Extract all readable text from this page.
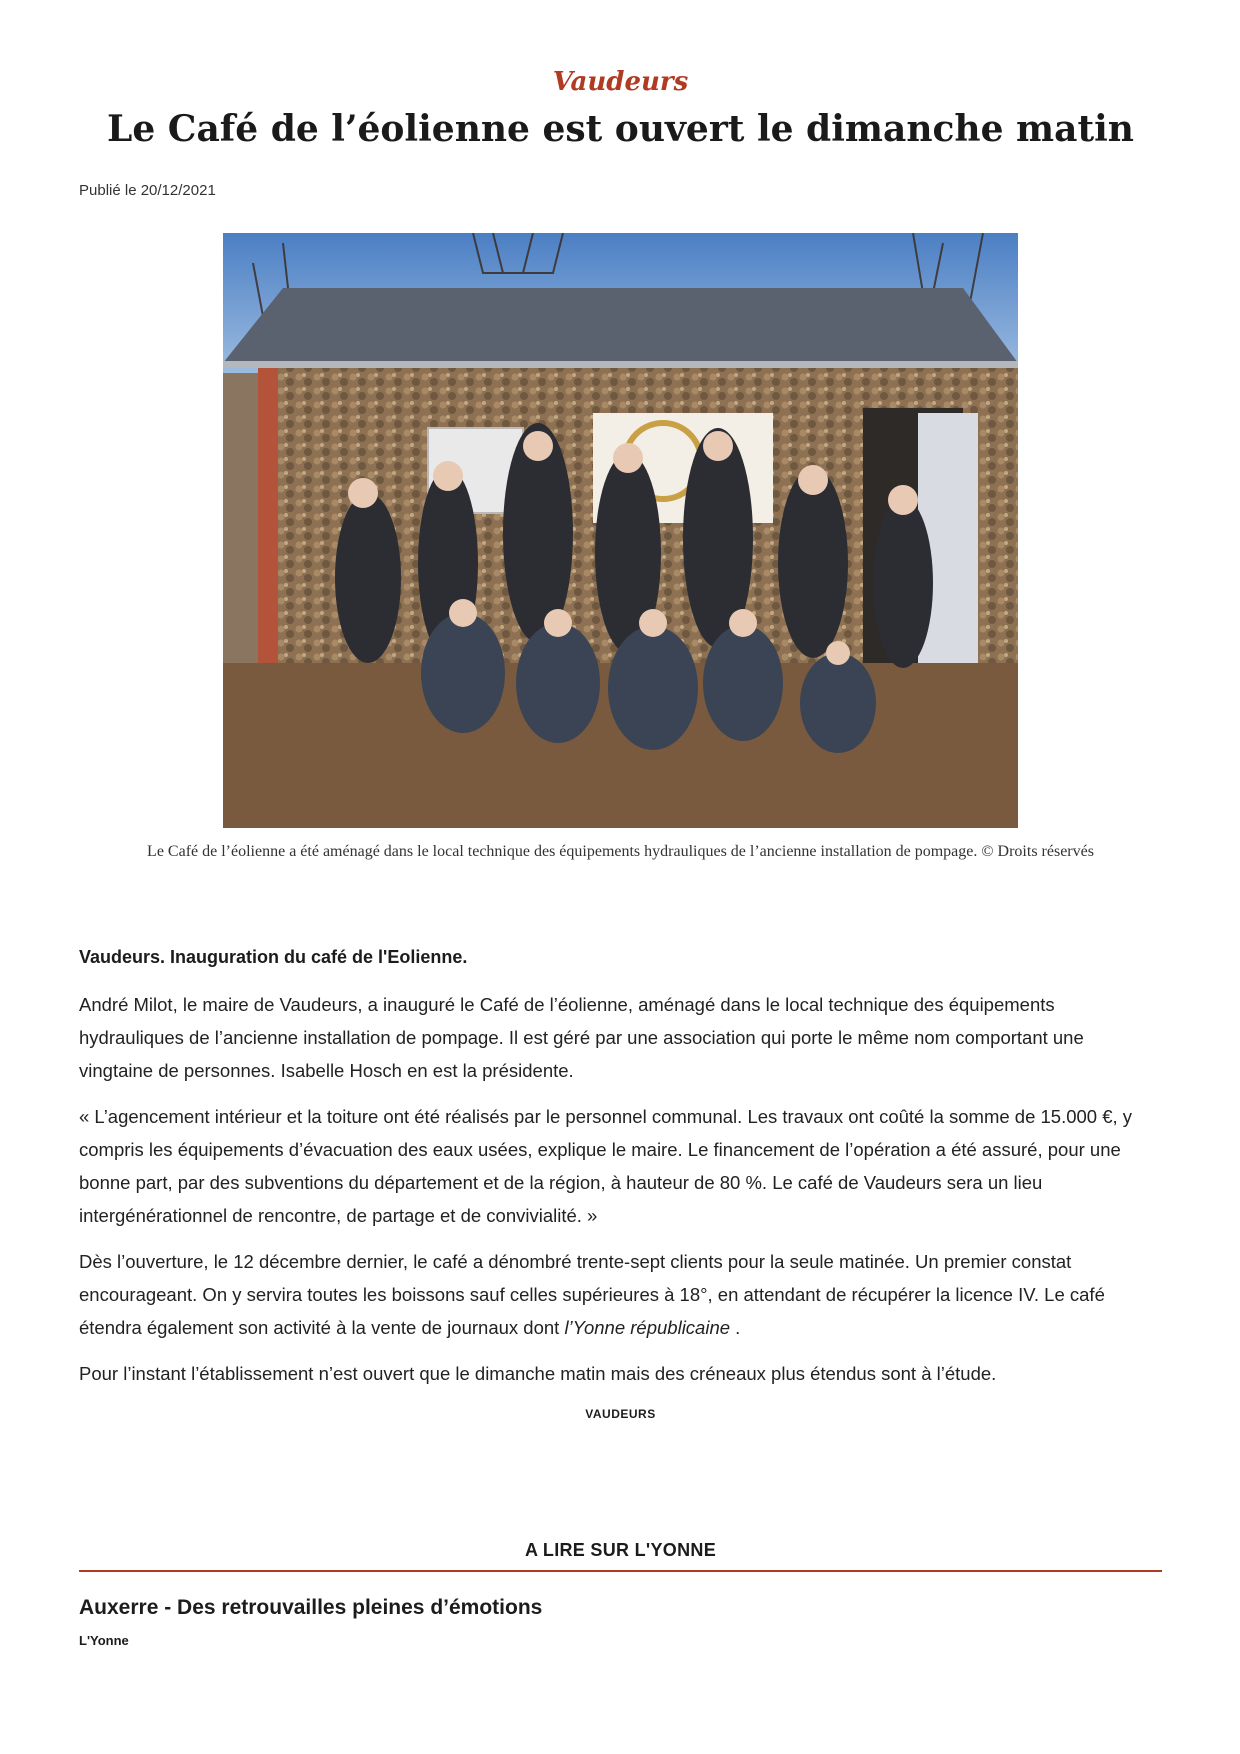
Vaudeurs
Le Café de l’éolienne est ouvert le dimanche matin
Publié le 20/12/2021
Le Café de l’éolienne a été aménagé dans le local technique des équipements hydrauliques de l’ancienne installation de pompage. © Droits réservés

Vaudeurs. Inauguration du café de l'Eolienne.

André Milot, le maire de Vaudeurs, a inauguré le Café de l’éolienne, aménagé dans le local technique des équipements hydrauliques de l’ancienne installation de pompage. Il est géré par une association qui porte le même nom comportant une vingtaine de personnes. Isabelle Hosch en est la présidente.

« L’agencement intérieur et la toiture ont été réalisés par le personnel communal. Les travaux ont coûté la somme de 15.000 €, y compris les équipements d’évacuation des eaux usées, explique le maire. Le financement de l’opération a été assuré, pour une bonne part, par des subventions du département et de la région, à hauteur de 80 %. Le café de Vaudeurs sera un lieu intergénérationnel de rencontre, de partage et de convivialité. »

Dès l’ouverture, le 12 décembre dernier, le café a dénombré trente-sept clients pour la seule matinée. Un premier constat encourageant. On y servira toutes les boissons sauf celles supérieures à 18°, en attendant de récupérer la licence IV. Le café étendra également son activité à la vente de journaux dont l’Yonne républicaine .

Pour l’instant l’établissement n’est ouvert que le dimanche matin mais des créneaux plus étendus sont à l’étude.

VAUDEURS
A LIRE SUR L'YONNE
Auxerre - Des retrouvailles pleines d’émotions
L'Yonne
